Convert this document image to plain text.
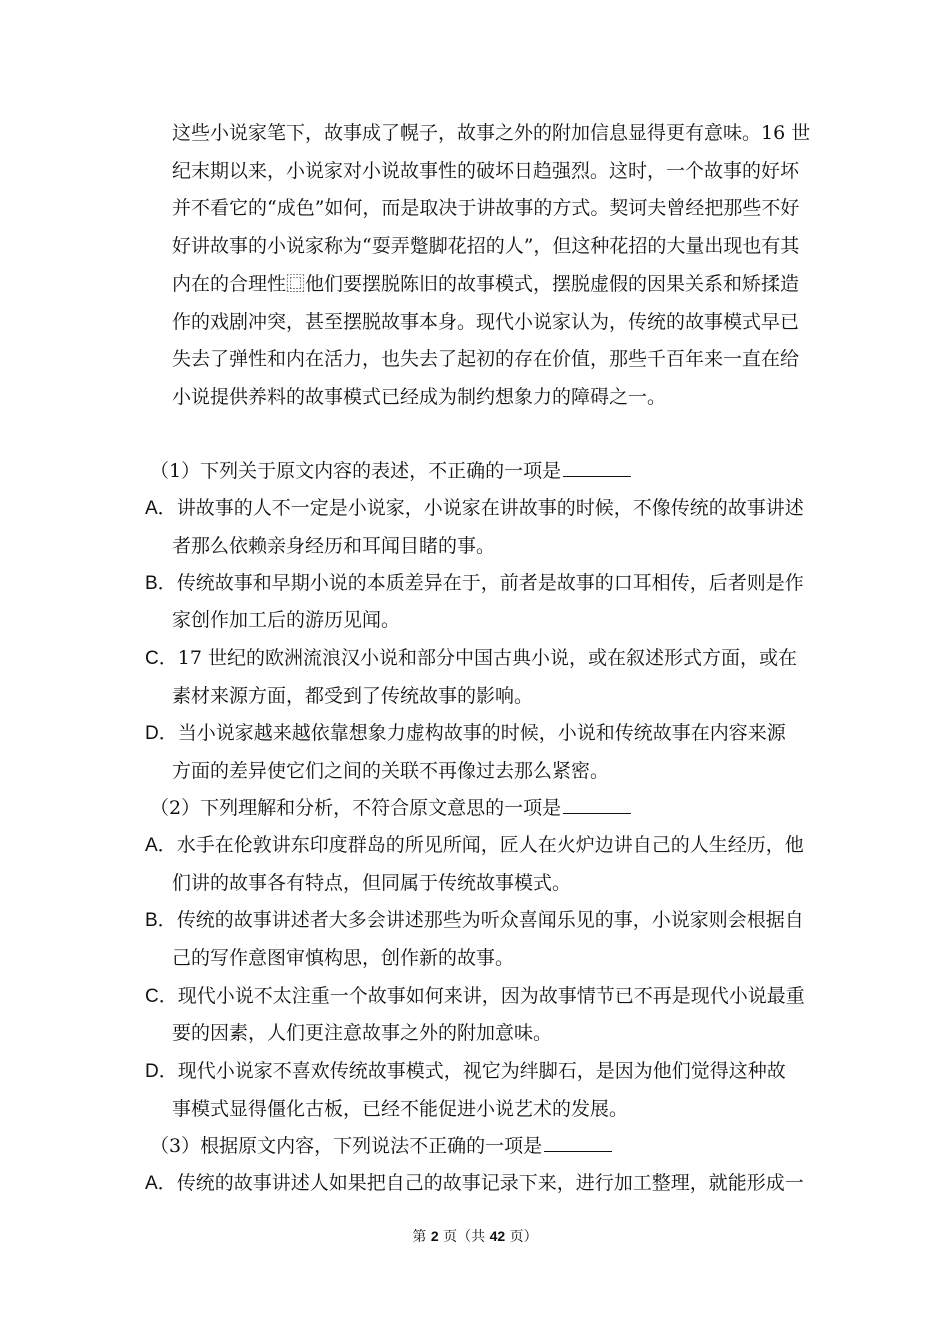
这些小说家笔下，故事成了幌子，故事之外的附加信息显得更有意味。16 世
纪末期以来，小说家对小说故事性的破坏日趋强烈。这时，一个故事的好坏
并不看它的“成色”如何，而是取决于讲故事的方式。契诃夫曾经把那些不好
好讲故事的小说家称为“耍弄蹩脚花招的人”，但这种花招的大量出现也有其
内在的合理性⿴他们要摆脱陈旧的故事模式，摆脱虚假的因果关系和矫揉造
作的戏剧冲突，甚至摆脱故事本身。现代小说家认为，传统的故事模式早已
失去了弹性和内在活力，也失去了起初的存在价值，那些千百年来一直在给
小说提供养料的故事模式已经成为制约想象力的障碍之一。
（1）下列关于原文内容的表述，不正确的一项是
A．讲故事的人不一定是小说家，小说家在讲故事的时候，不像传统的故事讲述
者那么依赖亲身经历和耳闻目睹的事。
B．传统故事和早期小说的本质差异在于，前者是故事的口耳相传，后者则是作
家创作加工后的游历见闻。
C．17 世纪的欧洲流浪汉小说和部分中国古典小说，或在叙述形式方面，或在
素材来源方面，都受到了传统故事的影响。
D．当小说家越来越依靠想象力虚构故事的时候，小说和传统故事在内容来源
方面的差异使它们之间的关联不再像过去那么紧密。
（2）下列理解和分析，不符合原文意思的一项是
A．水手在伦敦讲东印度群岛的所见所闻，匠人在火炉边讲自己的人生经历，他
们讲的故事各有特点，但同属于传统故事模式。
B．传统的故事讲述者大多会讲述那些为听众喜闻乐见的事，小说家则会根据自
己的写作意图审慎构思，创作新的故事。
C．现代小说不太注重一个故事如何来讲，因为故事情节已不再是现代小说最重
要的因素，人们更注意故事之外的附加意味。
D．现代小说家不喜欢传统故事模式，视它为绊脚石，是因为他们觉得这种故
事模式显得僵化古板，已经不能促进小说艺术的发展。
（3）根据原文内容，下列说法不正确的一项是
A．传统的故事讲述人如果把自己的故事记录下来，进行加工整理，就能形成一
第 2 页（共 42 页）
